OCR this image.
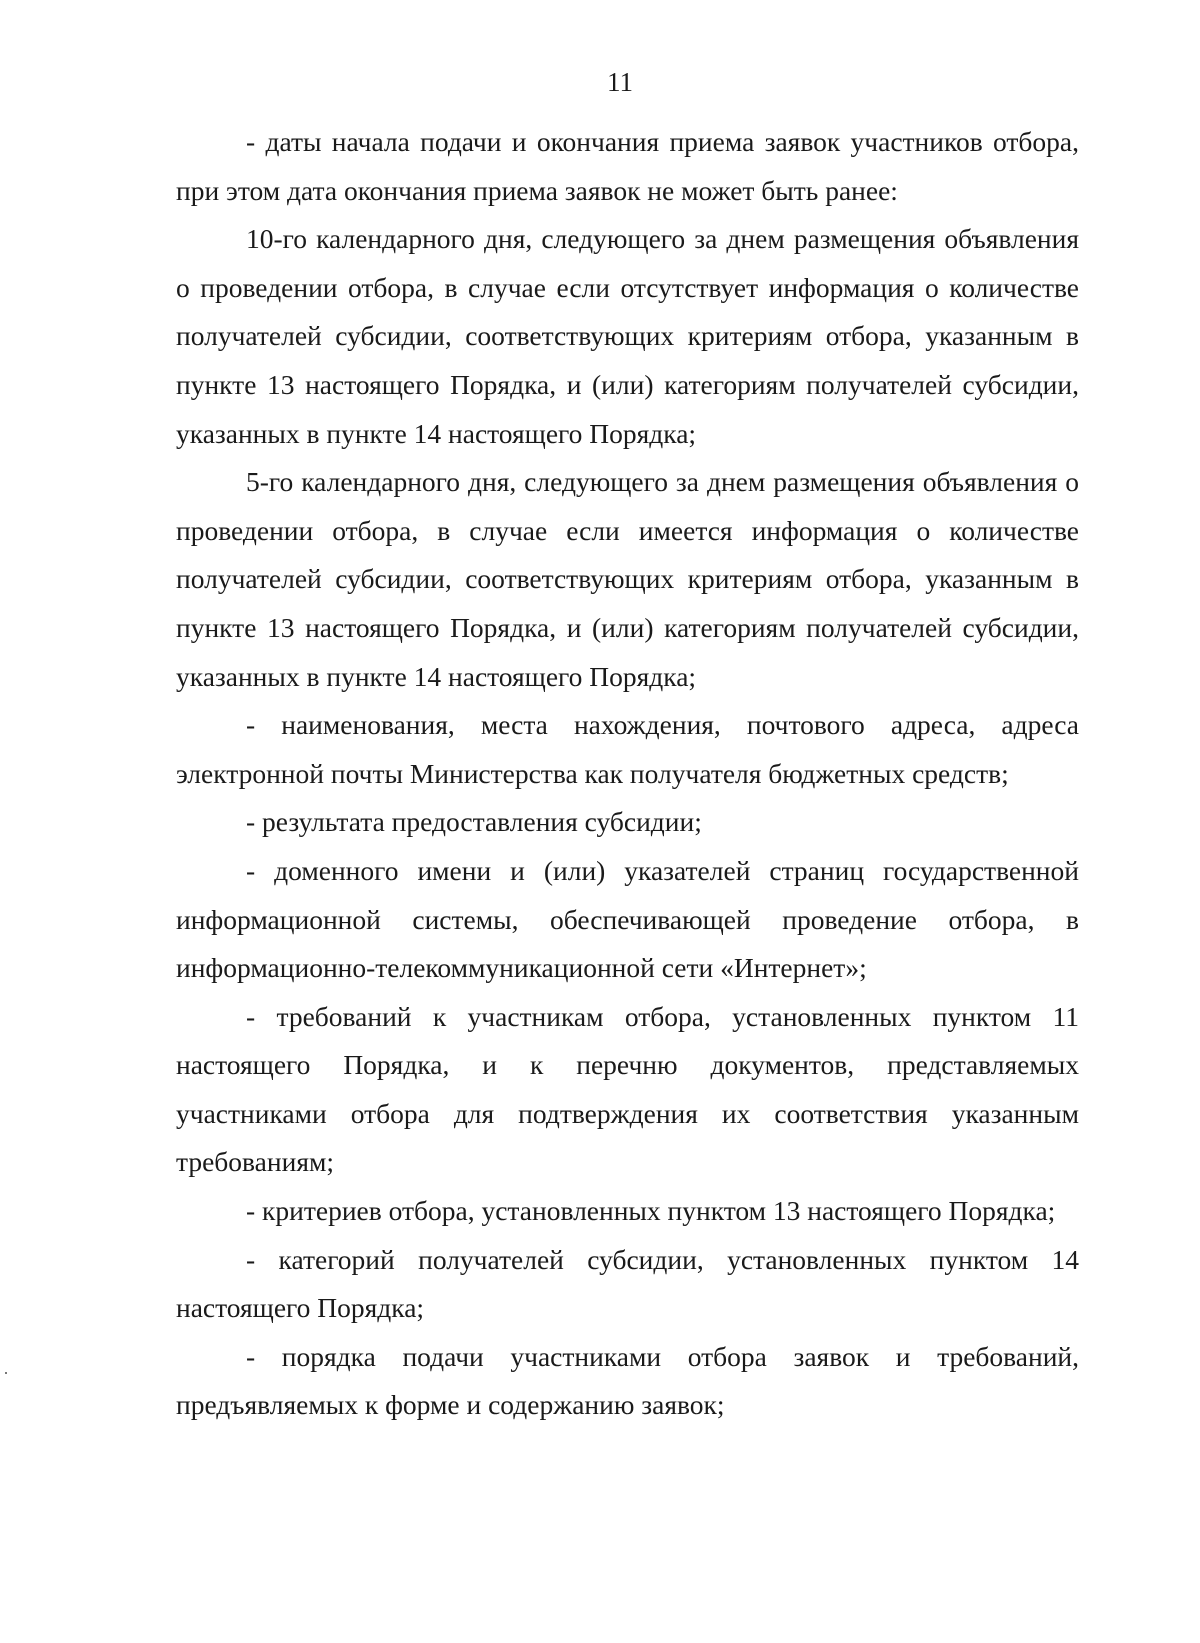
11

- даты начала подачи и окончания приема заявок участников отбора, при этом дата окончания приема заявок не может быть ранее:

10-го календарного дня, следующего за днем размещения объявления о проведении отбора, в случае если отсутствует информация о количестве получателей субсидии, соответствующих критериям отбора, указанным в пункте 13 настоящего Порядка, и (или) категориям получателей субсидии, указанных в пункте 14 настоящего Порядка;

5-го календарного дня, следующего за днем размещения объявления о проведении отбора, в случае если имеется информация о количестве получателей субсидии, соответствующих критериям отбора, указанным в пункте 13 настоящего Порядка, и (или) категориям получателей субсидии, указанных в пункте 14 настоящего Порядка;

- наименования, места нахождения, почтового адреса, адреса электронной почты Министерства как получателя бюджетных средств;

- результата предоставления субсидии;

- доменного имени и (или) указателей страниц государственной информационной системы, обеспечивающей проведение отбора, в информационно-телекоммуникационной сети «Интернет»;

- требований к участникам отбора, установленных пунктом 11 настоящего Порядка, и к перечню документов, представляемых участниками отбора для подтверждения их соответствия указанным требованиям;

- критериев отбора, установленных пунктом 13 настоящего Порядка;

- категорий получателей субсидии, установленных пунктом 14 настоящего Порядка;

- порядка подачи участниками отбора заявок и требований, предъявляемых к форме и содержанию заявок;
